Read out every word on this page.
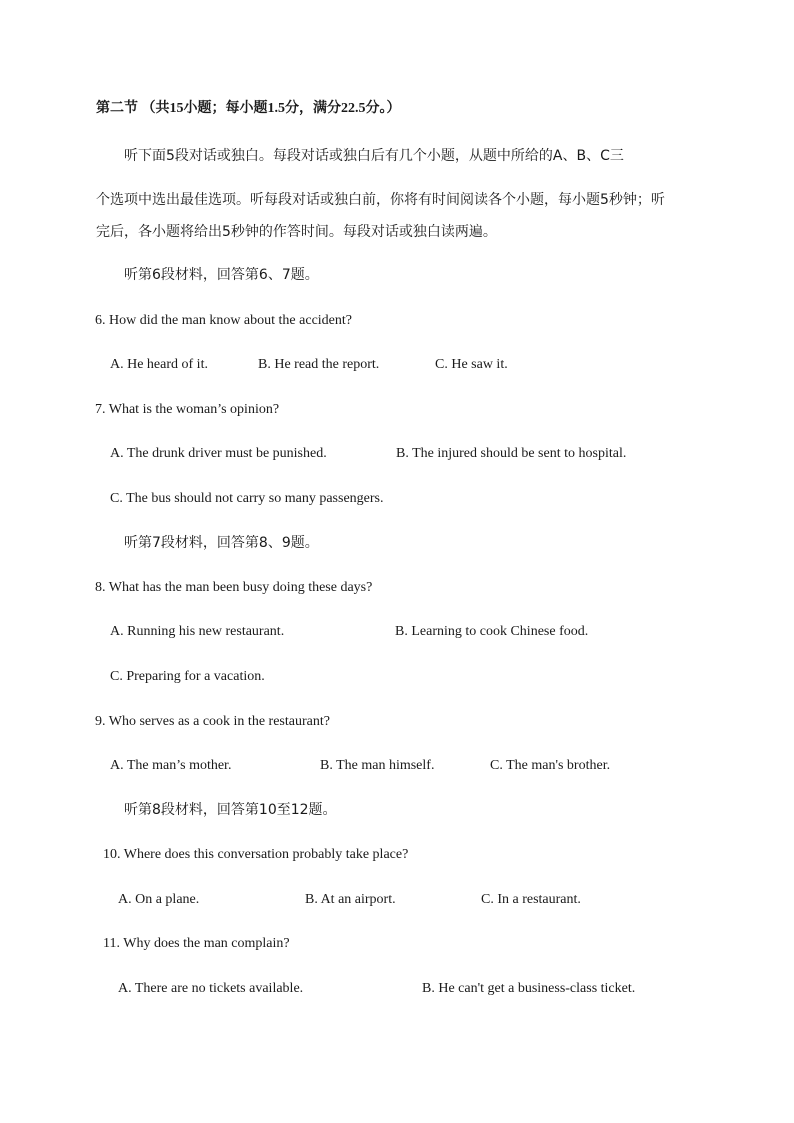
第二节 （共15小题；每小题1.5分，满分22.5分。）
听下面5段对话或独白。每段对话或独白后有几个小题，从题中所给的A、B、C三
个选项中选出最佳选项。听每段对话或独白前，你将有时间阅读各个小题，每小题5秒钟；听
完后，各小题将给出5秒钟的作答时间。每段对话或独白读两遍。
听第6段材料，回答第6、7题。
6. How did the man know about the accident?
A. He heard of it.	B. He read the report.	C. He saw it.
7. What is the woman’s opinion?
A. The drunk driver must be punished.	B. The injured should be sent to hospital.
C. The bus should not carry so many passengers.
听第7段材料，回答第8、9题。
8. What has the man been busy doing these days?
A. Running his new restaurant.	B. Learning to cook Chinese food.
C. Preparing for a vacation.
9. Who serves as a cook in the restaurant?
A. The man’s mother.	B. The man himself.	C. The man's brother.
听第8段材料，回答第10至12题。
10. Where does this conversation probably take place?
A. On a plane.	B. At an airport.	C. In a restaurant.
11. Why does the man complain?
A. There are no tickets available.	B. He can't get a business-class ticket.
